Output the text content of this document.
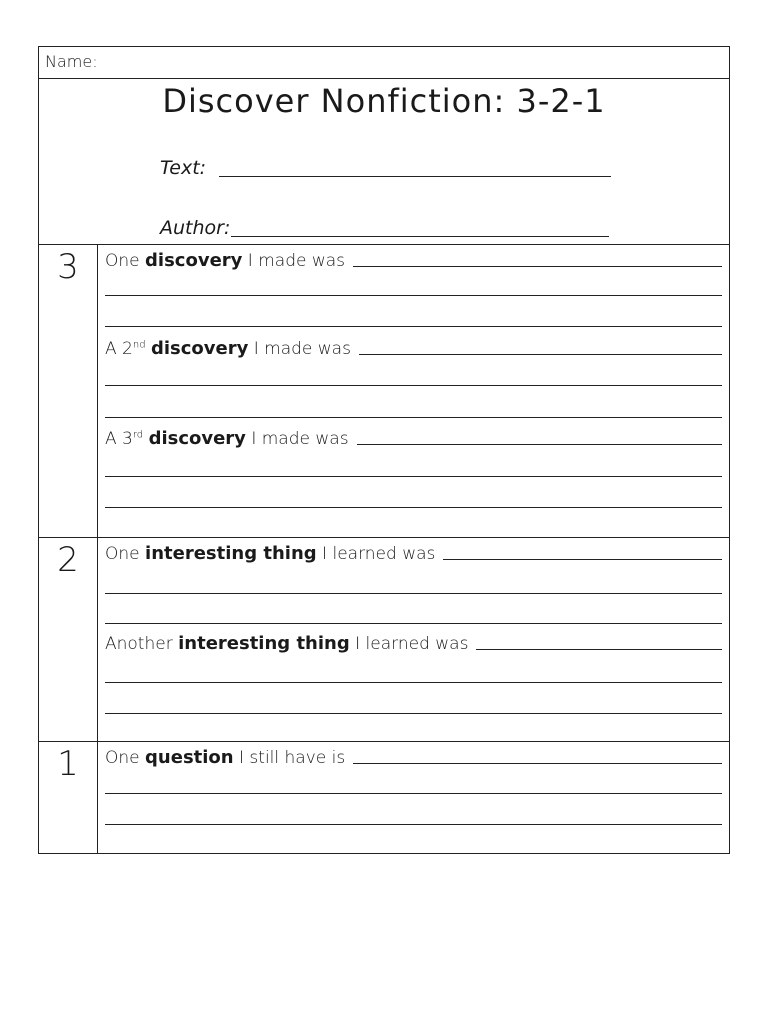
Name:
Discover Nonfiction: 3-2-1
Text:
Author:
3	One discovery I made was
A 2nd discovery I made was
A 3rd discovery I made was
2	One interesting thing I learned was
Another interesting thing I learned was
1	One question I still have is
